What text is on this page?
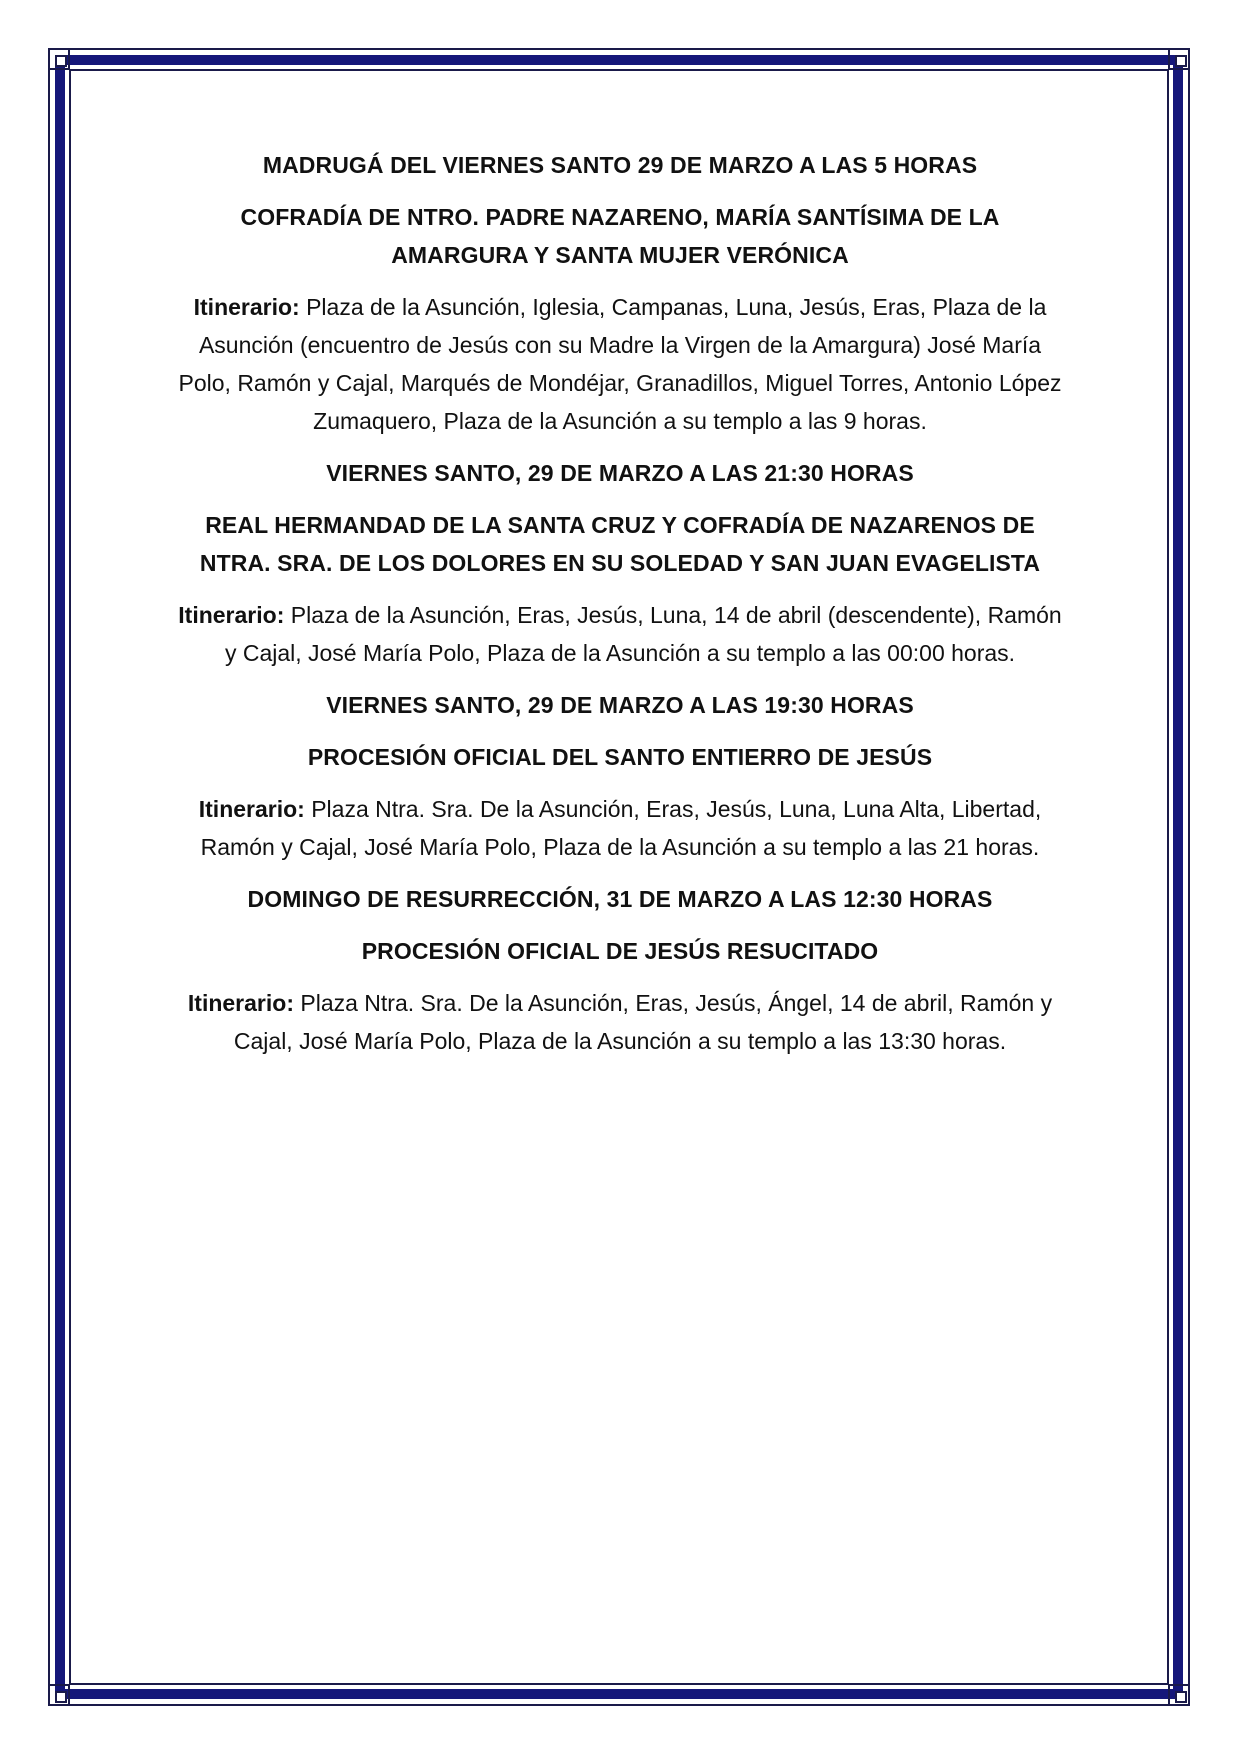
MADRUGÁ DEL VIERNES SANTO 29 DE MARZO A LAS 5 HORAS

COFRADÍA DE NTRO. PADRE NAZARENO, MARÍA SANTÍSIMA DE LA AMARGURA Y SANTA MUJER VERÓNICA

Itinerario: Plaza de la Asunción, Iglesia, Campanas, Luna, Jesús, Eras, Plaza de la Asunción (encuentro de Jesús con su Madre la Virgen de la Amargura) José María Polo, Ramón y Cajal, Marqués de Mondéjar, Granadillos, Miguel Torres, Antonio López Zumaquero, Plaza de la Asunción a su templo a las 9 horas.

VIERNES SANTO, 29 DE MARZO A LAS 21:30 HORAS

REAL HERMANDAD DE LA SANTA CRUZ Y COFRADÍA DE NAZARENOS DE NTRA. SRA. DE LOS DOLORES EN SU SOLEDAD Y SAN JUAN EVAGELISTA

Itinerario: Plaza de la Asunción, Eras, Jesús, Luna, 14 de abril (descendente), Ramón y Cajal, José María Polo, Plaza de la Asunción a su templo a las 00:00 horas.

VIERNES SANTO, 29 DE MARZO A LAS 19:30 HORAS

PROCESIÓN OFICIAL DEL SANTO ENTIERRO DE JESÚS

Itinerario: Plaza Ntra. Sra. De la Asunción, Eras, Jesús, Luna, Luna Alta, Libertad, Ramón y Cajal, José María Polo, Plaza de la Asunción a su templo a las 21 horas.

DOMINGO DE RESURRECCIÓN, 31 DE MARZO A LAS 12:30 HORAS

PROCESIÓN OFICIAL DE JESÚS RESUCITADO

Itinerario: Plaza Ntra. Sra. De la Asunción, Eras, Jesús, Ángel, 14 de abril, Ramón y Cajal, José María Polo, Plaza de la Asunción a su templo a las 13:30 horas.
